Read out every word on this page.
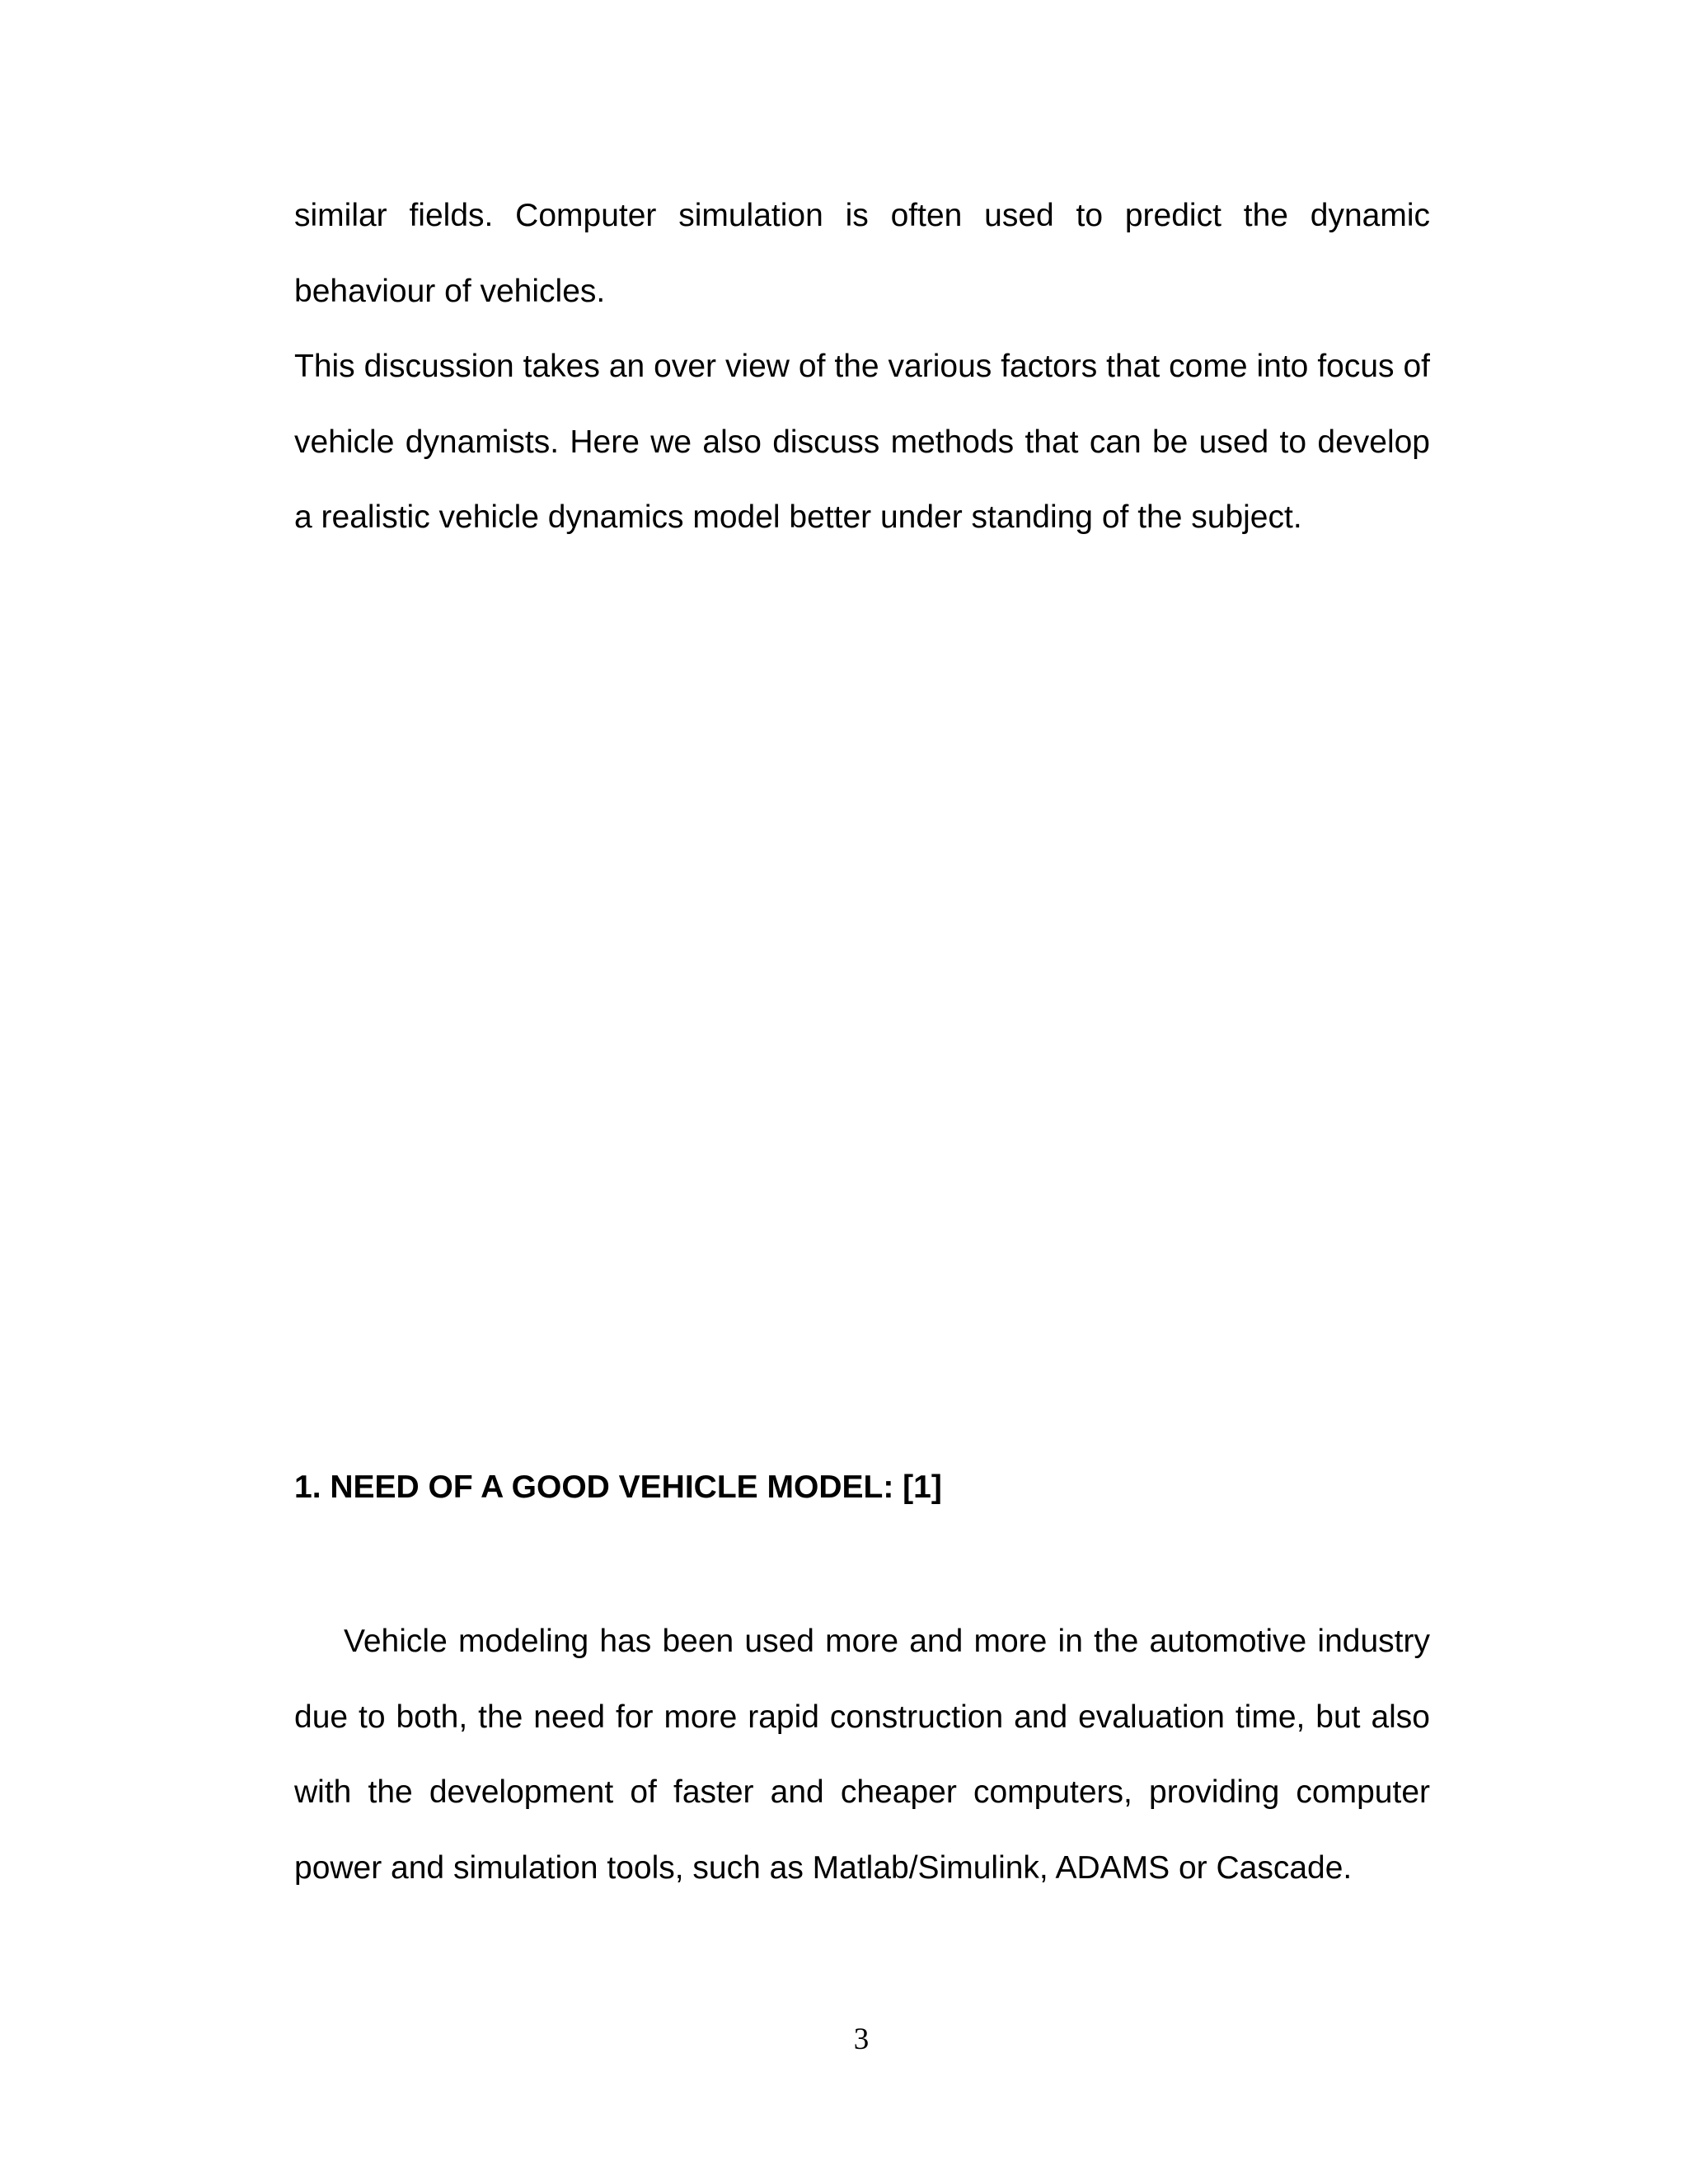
similar fields. Computer simulation is often used to predict the dynamic behaviour of vehicles.

This discussion takes an over view of the various factors that come into focus of vehicle dynamists. Here we also discuss methods that can be used to develop a realistic vehicle dynamics model better under standing of the subject.

1. NEED OF A GOOD VEHICLE MODEL: [1]

Vehicle modeling has been used more and more in the automotive industry due to both, the need for more rapid construction and evaluation time, but also with the development of faster and cheaper computers, providing computer power and simulation tools, such as Matlab/Simulink, ADAMS or Cascade.

3
